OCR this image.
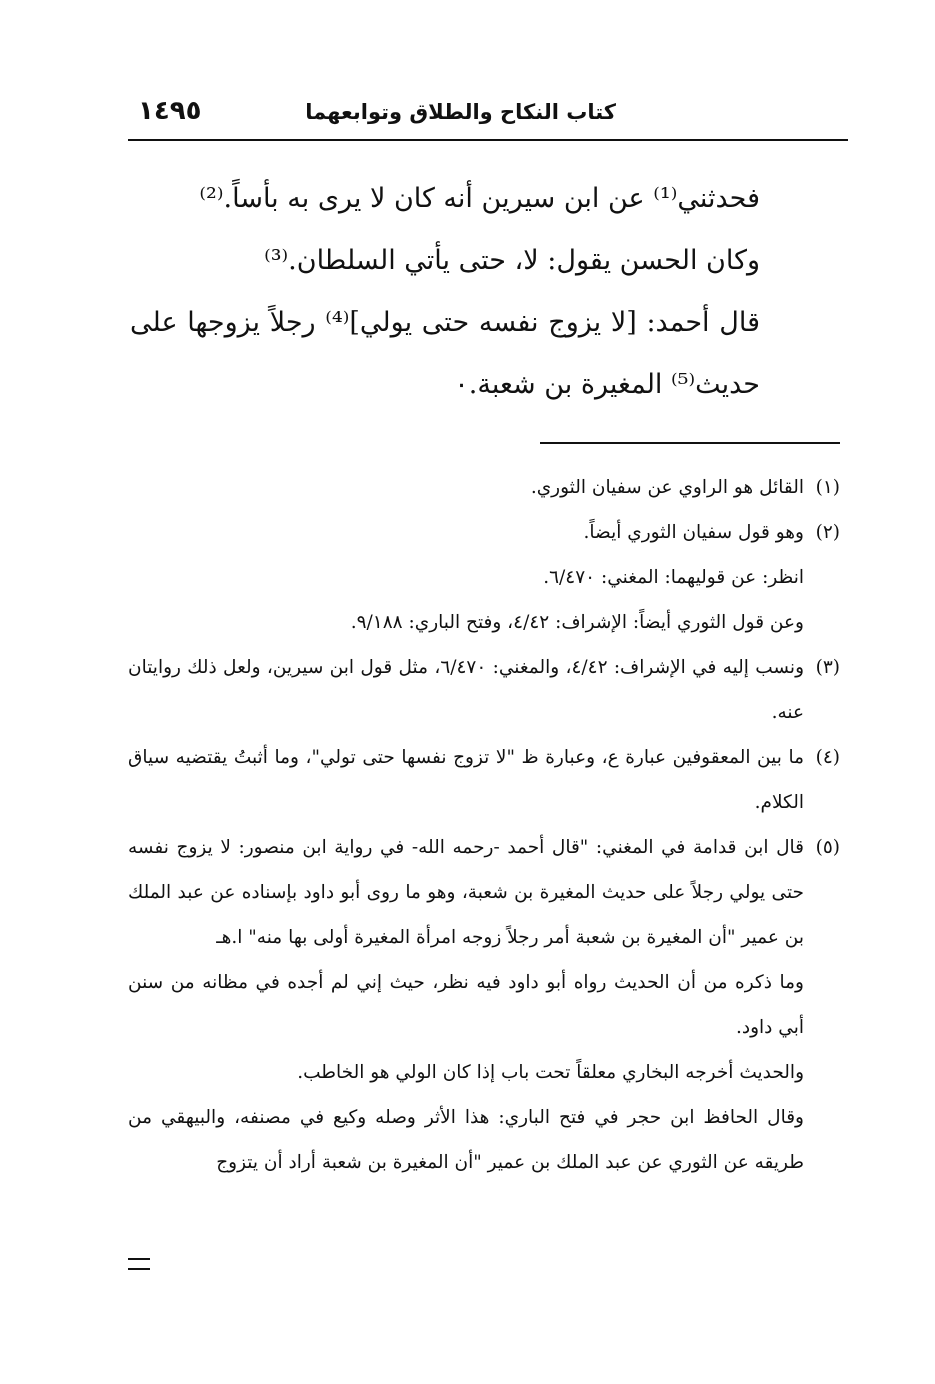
كتاب النكاح والطلاق وتوابعهما
١٤٩٥

فحدثني⁽¹⁾ عن ابن سيرين أنه كان لا يرى به بأساً.⁽²⁾

وكان الحسن يقول: لا، حتى يأتي السلطان.⁽³⁾

قال أحمد: [لا يزوج نفسه حتى يولي]⁽⁴⁾ رجلاً يزوجها على حديث⁽⁵⁾ المغيرة بن شعبة.٠

(١)
القائل هو الراوي عن سفيان الثوري.
(٢)
وهو قول سفيان الثوري أيضاً.

انظر: عن قوليهما: المغني: ٦/٤٧٠.

وعن قول الثوري أيضاً: الإشراف: ٤/٤٢، وفتح الباري: ٩/١٨٨.

(٣)
ونسب إليه في الإشراف: ٤/٤٢، والمغني: ٦/٤٧٠، مثل قول ابن سيرين، ولعل ذلك روايتان عنه.
(٤)
ما بين المعقوفين عبارة ع، وعبارة ظ "لا تزوج نفسها حتى تولي"، وما أثبتُ يقتضيه سياق الكلام.
(٥)
قال ابن قدامة في المغني: "قال أحمد -رحمه الله- في رواية ابن منصور: لا يزوج نفسه حتى يولي رجلاً على حديث المغيرة بن شعبة، وهو ما روى أبو داود بإسناده عن عبد الملك بن عمير "أن المغيرة بن شعبة أمر رجلاً زوجه امرأة المغيرة أولى بها منه" ا.هـ

وما ذكره من أن الحديث رواه أبو داود فيه نظر، حيث إني لم أجده في مظانه من سنن أبي داود.

والحديث أخرجه البخاري معلقاً تحت باب إذا كان الولي هو الخاطب.

وقال الحافظ ابن حجر في فتح الباري: هذا الأثر وصله وكيع في مصنفه، والبيهقي من طريقه عن الثوري عن عبد الملك بن عمير "أن المغيرة بن شعبة أراد أن يتزوج
